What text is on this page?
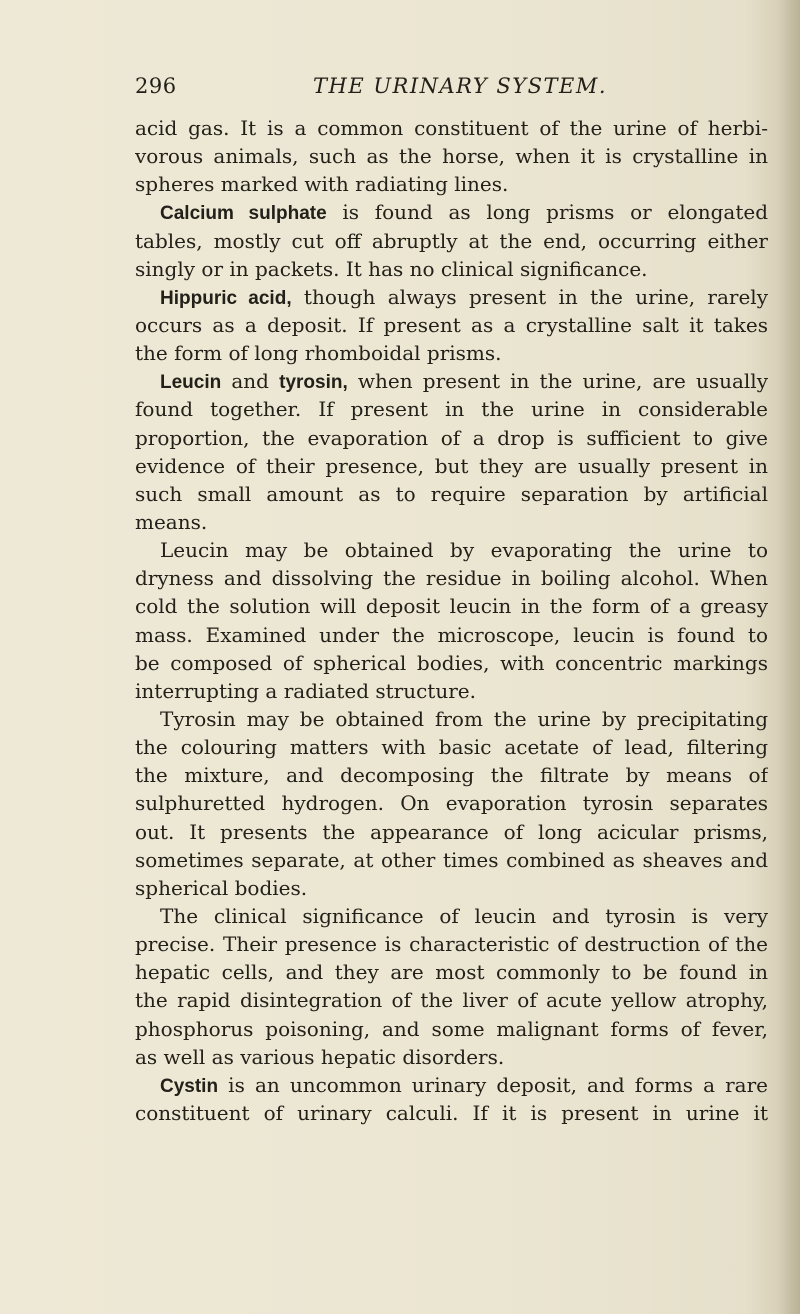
296	THE URINARY SYSTEM.
acid gas. It is a common constituent of the urine of herbi-
vorous animals, such as the horse, when it is crystalline in
spheres marked with radiating lines.
Calcium sulphate is found as long prisms or elongated
tables, mostly cut off abruptly at the end, occurring either
singly or in packets. It has no clinical significance.
Hippuric acid, though always present in the urine, rarely
occurs as a deposit. If present as a crystalline salt it takes
the form of long rhomboidal prisms.
Leucin and tyrosin, when present in the urine, are usually
found together. If present in the urine in considerable
proportion, the evaporation of a drop is sufficient to give
evidence of their presence, but they are usually present in
such small amount as to require separation by artificial
means.
Leucin may be obtained by evaporating the urine to
dryness and dissolving the residue in boiling alcohol. When
cold the solution will deposit leucin in the form of a greasy
mass. Examined under the microscope, leucin is found to
be composed of spherical bodies, with concentric markings
interrupting a radiated structure.
Tyrosin may be obtained from the urine by precipitating
the colouring matters with basic acetate of lead, filtering
the mixture, and decomposing the filtrate by means of
sulphuretted hydrogen. On evaporation tyrosin separates
out. It presents the appearance of long acicular prisms,
sometimes separate, at other times combined as sheaves and
spherical bodies.
The clinical significance of leucin and tyrosin is very
precise. Their presence is characteristic of destruction of the
hepatic cells, and they are most commonly to be found in
the rapid disintegration of the liver of acute yellow atrophy,
phosphorus poisoning, and some malignant forms of fever,
as well as various hepatic disorders.
Cystin is an uncommon urinary deposit, and forms a rare
constituent of urinary calculi. If it is present in urine it
